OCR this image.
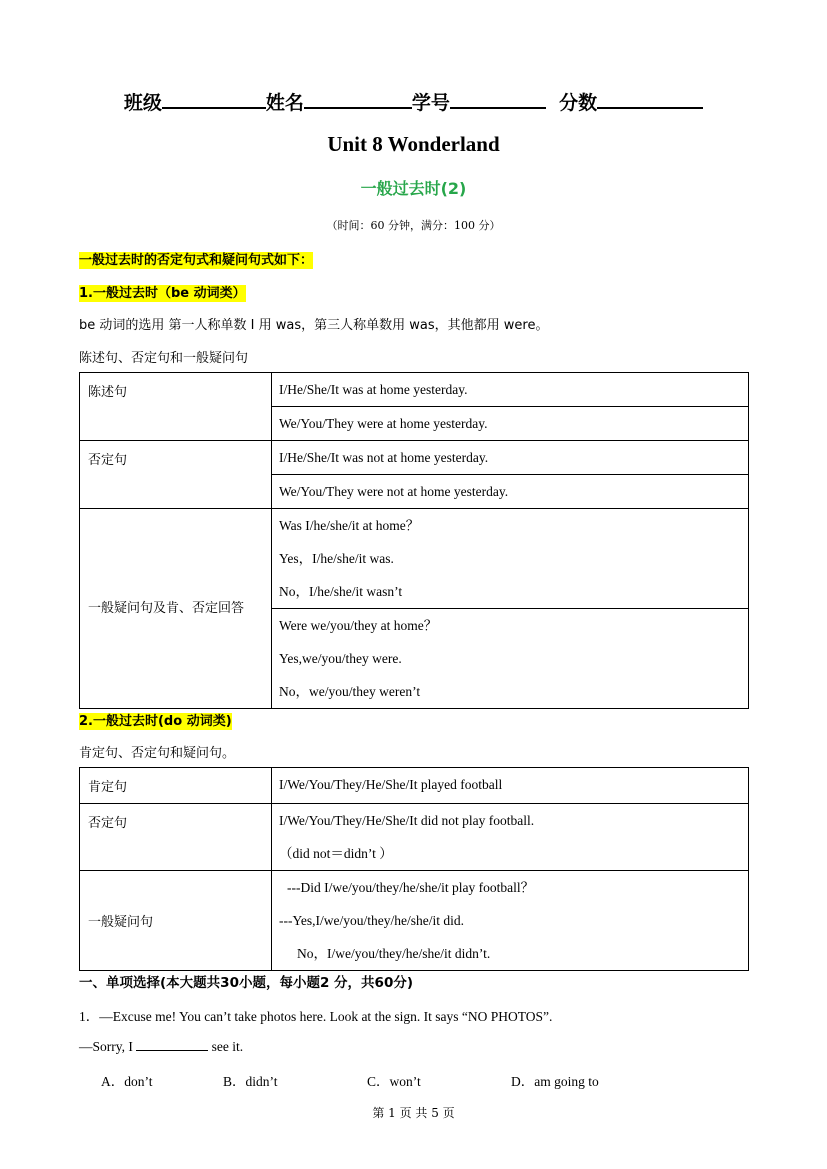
班级	姓名	学号	分数
Unit 8 Wonderland
一般过去时(2)
（时间：60 分钟，满分：100 分）
一般过去时的否定句式和疑问句式如下：
1.一般过去时（be 动词类）
be 动词的选用 第一人称单数 I 用 was，第三人称单数用 was，其他都用 were。
陈述句、否定句和一般疑问句
陈述句	I/He/She/It was at home yesterday.

	We/You/They were at home yesterday.

否定句	I/He/She/It was not at home yesterday.

	We/You/They were not at home yesterday.

一般疑问句及肯、否定回答	Was I/he/she/it at home？
Yes，I/he/she/it was.
No，I/he/she/it wasn’t

	Were we/you/they at home？
Yes,we/you/they were.
No，we/you/they weren’t
2.一般过去时(do 动词类)
肯定句、否定句和疑问句。
肯定句	I/We/You/They/He/She/It played football

否定句	I/We/You/They/He/She/It did not play football.
（did not＝didn’t ）

一般疑问句	---Did I/we/you/they/he/she/it play football？
---Yes,I/we/you/they/he/she/it did.
No，I/we/you/they/he/she/it didn’t.
一、单项选择(本大题共30小题，每小题2 分，共60分)
1．—Excuse me! You can’t take photos here. Look at the sign. It says “NO PHOTOS”.
—Sorry, I	see it.
A．don’t	B．didn’t	C．won’t	D．am going to
第 1 页 共 5 页
